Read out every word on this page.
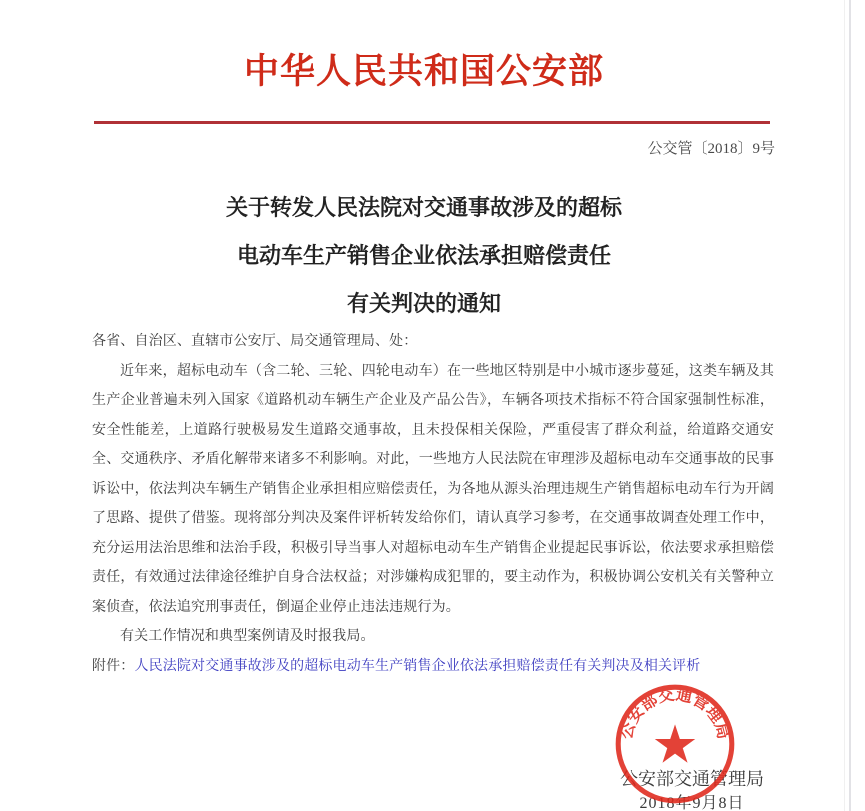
中华人民共和国公安部
公交管〔2018〕9号
关于转发人民法院对交通事故涉及的超标
电动车生产销售企业依法承担赔偿责任
有关判决的通知

各省、自治区、直辖市公安厅、局交通管理局、处：

近年来，超标电动车（含二轮、三轮、四轮电动车）在一些地区特别是中小城市逐步蔓延，这类车辆及其生产企业普遍未列入国家《道路机动车辆生产企业及产品公告》，车辆各项技术指标不符合国家强制性标准，安全性能差，上道路行驶极易发生道路交通事故，且未投保相关保险，严重侵害了群众利益，给道路交通安全、交通秩序、矛盾化解带来诸多不利影响。对此，一些地方人民法院在审理涉及超标电动车交通事故的民事诉讼中，依法判决车辆生产销售企业承担相应赔偿责任，为各地从源头治理违规生产销售超标电动车行为开阔了思路、提供了借鉴。现将部分判决及案件评析转发给你们，请认真学习参考，在交通事故调查处理工作中，充分运用法治思维和法治手段，积极引导当事人对超标电动车生产销售企业提起民事诉讼，依法要求承担赔偿责任，有效通过法律途径维护自身合法权益；对涉嫌构成犯罪的，要主动作为，积极协调公安机关有关警种立案侦查，依法追究刑事责任，倒逼企业停止违法违规行为。

有关工作情况和典型案例请及时报我局。

附件：人民法院对交通事故涉及的超标电动车生产销售企业依法承担赔偿责任有关判决及相关评析

公安部交通管理局
2018年9月8日
公安部交通管理局
★
